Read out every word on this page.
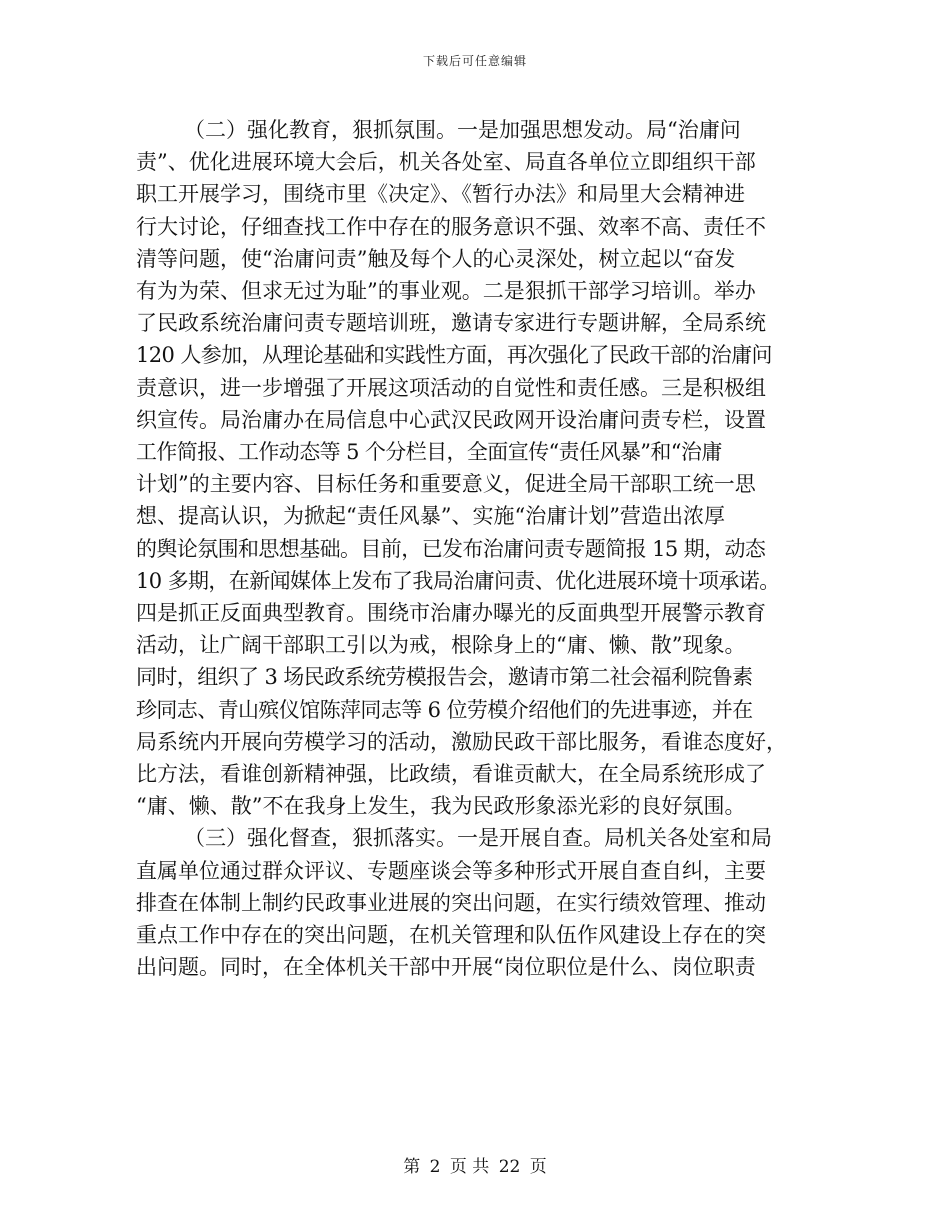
下载后可任意编辑
（二）强化教育，狠抓氛围。一是加强思想发动。局“治庸问
责”、优化进展环境大会后，机关各处室、局直各单位立即组织干部
职工开展学习，围绕市里《决定》、《暂行办法》和局里大会精神进
行大讨论，仔细查找工作中存在的服务意识不强、效率不高、责任不
清等问题，使“治庸问责”触及每个人的心灵深处，树立起以“奋发
有为为荣、但求无过为耻”的事业观。二是狠抓干部学习培训。举办
了民政系统治庸问责专题培训班，邀请专家进行专题讲解，全局系统
120 人参加，从理论基础和实践性方面，再次强化了民政干部的治庸问
责意识，进一步增强了开展这项活动的自觉性和责任感。三是积极组
织宣传。局治庸办在局信息中心武汉民政网开设治庸问责专栏，设置
工作简报、工作动态等 5 个分栏目，全面宣传“责任风暴”和“治庸
计划”的主要内容、目标任务和重要意义，促进全局干部职工统一思
想、提高认识，为掀起“责任风暴”、实施“治庸计划”营造出浓厚
的舆论氛围和思想基础。目前，已发布治庸问责专题简报 15 期，动态
10 多期，在新闻媒体上发布了我局治庸问责、优化进展环境十项承诺。
四是抓正反面典型教育。围绕市治庸办曝光的反面典型开展警示教育
活动，让广阔干部职工引以为戒，根除身上的“庸、懒、散”现象。
同时，组织了 3 场民政系统劳模报告会，邀请市第二社会福利院鲁素
珍同志、青山殡仪馆陈萍同志等 6 位劳模介绍他们的先进事迹，并在
局系统内开展向劳模学习的活动，激励民政干部比服务，看谁态度好，
比方法，看谁创新精神强，比政绩，看谁贡献大，在全局系统形成了
“庸、懒、散”不在我身上发生，我为民政形象添光彩的良好氛围。
（三）强化督查，狠抓落实。一是开展自查。局机关各处室和局
直属单位通过群众评议、专题座谈会等多种形式开展自查自纠，主要
排查在体制上制约民政事业进展的突出问题，在实行绩效管理、推动
重点工作中存在的突出问题，在机关管理和队伍作风建设上存在的突
出问题。同时，在全体机关干部中开展“岗位职位是什么、岗位职责
第 2 页 共 22 页
